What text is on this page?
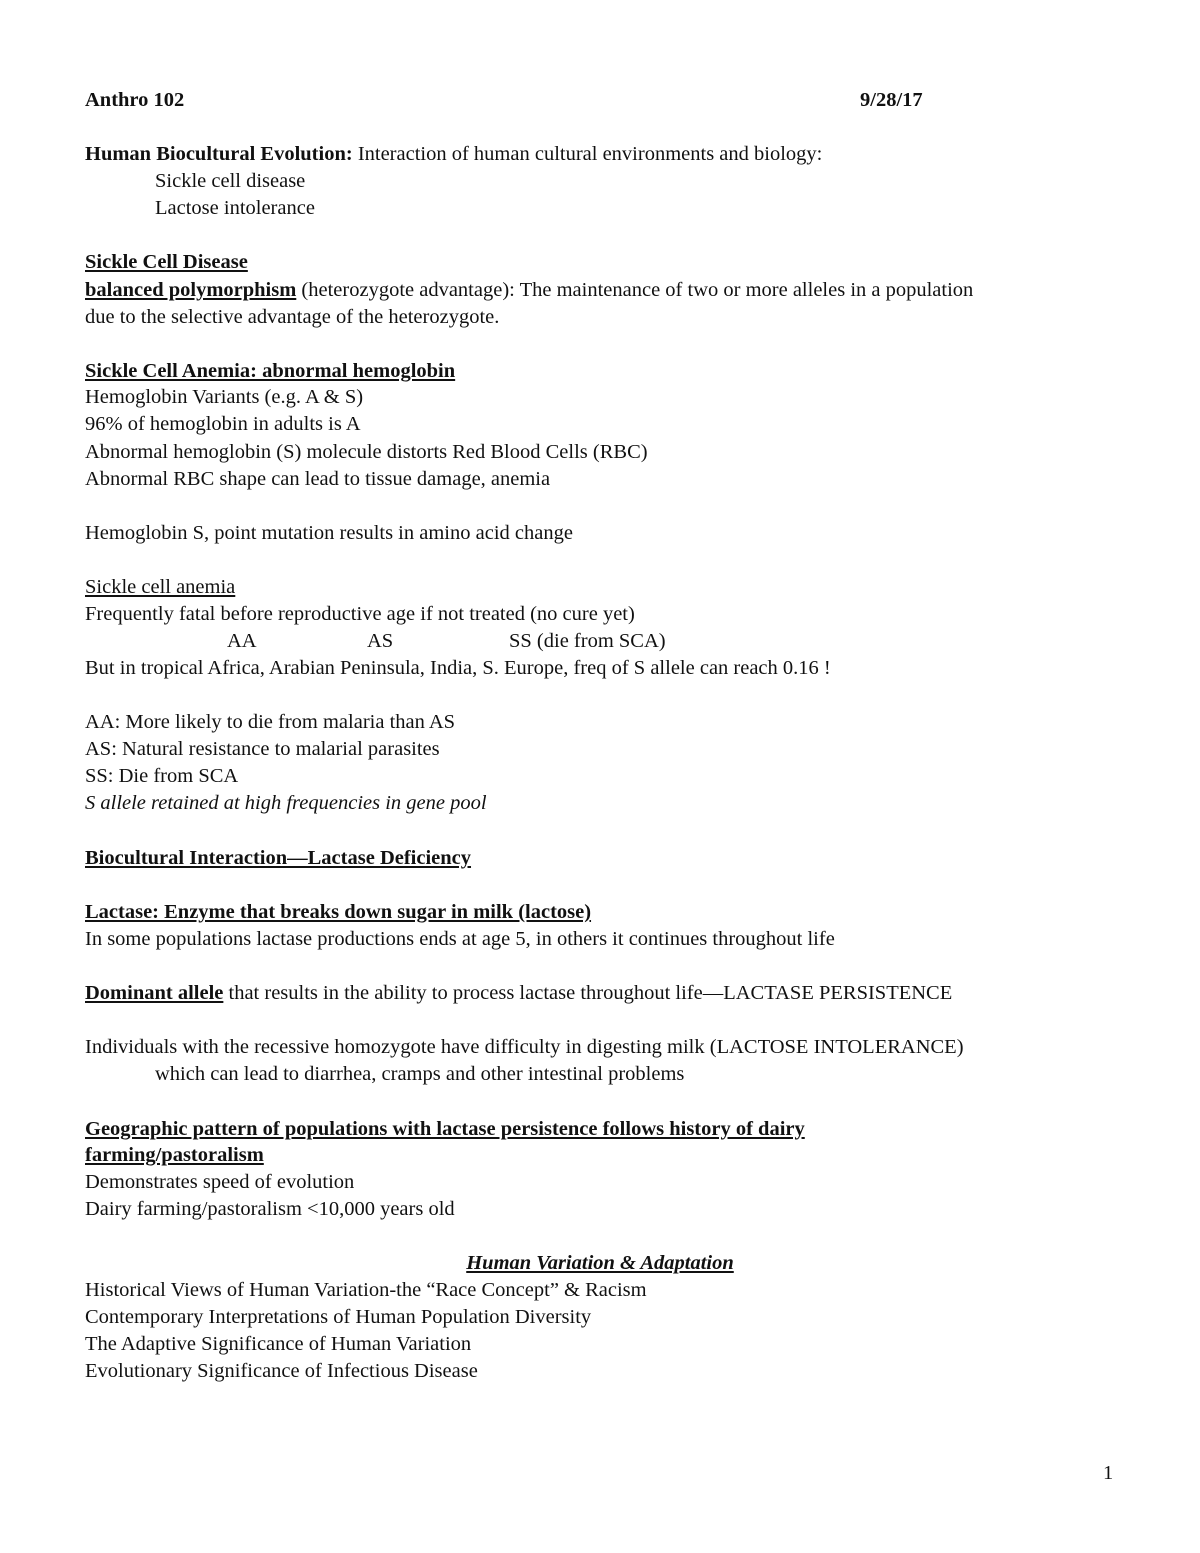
Anthro 102	9/28/17
Human Biocultural Evolution: Interaction of human cultural environments and biology:
Sickle cell disease
Lactose intolerance
Sickle Cell Disease
balanced polymorphism (heterozygote advantage): The maintenance of two or more alleles in a population
due to the selective advantage of the heterozygote.
Sickle Cell Anemia: abnormal hemoglobin
Hemoglobin Variants (e.g. A & S)
96% of hemoglobin in adults is A
Abnormal hemoglobin (S) molecule distorts Red Blood Cells (RBC)
Abnormal RBC shape can lead to tissue damage, anemia
Hemoglobin S, point mutation results in amino acid change
Sickle cell anemia
Frequently fatal before reproductive age if not treated (no cure yet)
AA	AS	SS (die from SCA)
But in tropical Africa, Arabian Peninsula, India, S. Europe, freq of S allele can reach 0.16 !
AA: More likely to die from malaria than AS
AS: Natural resistance to malarial parasites
SS: Die from SCA
S allele retained at high frequencies in gene pool
Biocultural Interaction—Lactase Deficiency
Lactase: Enzyme that breaks down sugar in milk (lactose)
In some populations lactase productions ends at age 5, in others it continues throughout life
Dominant allele that results in the ability to process lactase throughout life—LACTASE PERSISTENCE
Individuals with the recessive homozygote have difficulty in digesting milk (LACTOSE INTOLERANCE)
which can lead to diarrhea, cramps and other intestinal problems
Geographic pattern of populations with lactase persistence follows history of dairy
farming/pastoralism
Demonstrates speed of evolution
Dairy farming/pastoralism <10,000 years old
Human Variation & Adaptation
Historical Views of Human Variation-the “Race Concept” & Racism
Contemporary Interpretations of Human Population Diversity
The Adaptive Significance of Human Variation
Evolutionary Significance of Infectious Disease
1
